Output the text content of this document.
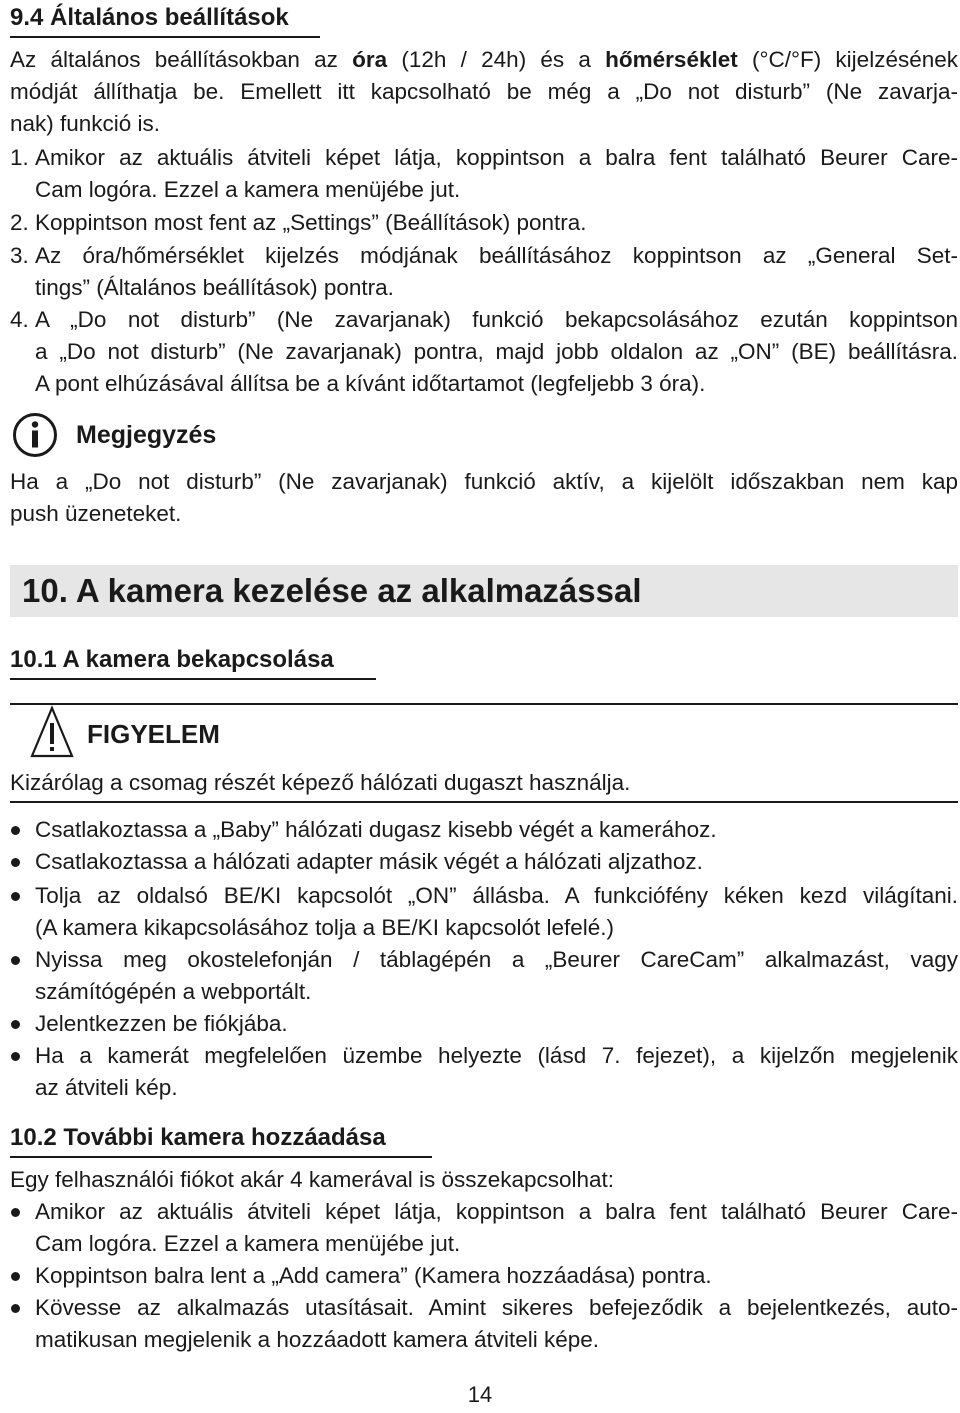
9.4 Általános beállítások
Az általános beállításokban az óra (12h / 24h) és a hőmérséklet (°C/°F) kijelzésének
módját állíthatja be. Emellett itt kapcsolható be még a „Do not disturb” (Ne zavarja-
nak) funkció is.
1. Amikor az aktuális átviteli képet látja, koppintson a balra fent található Beurer Care-
Cam logóra. Ezzel a kamera menüjébe jut.
2. Koppintson most fent az „Settings” (Beállítások) pontra.
3. Az óra/hőmérséklet kijelzés módjának beállításához koppintson az „General Set-
tings” (Általános beállítások) pontra.
4. A „Do not disturb” (Ne zavarjanak) funkció bekapcsolásához ezután koppintson
a „Do not disturb” (Ne zavarjanak) pontra, majd jobb oldalon az „ON” (BE) beállításra.
A pont elhúzásával állítsa be a kívánt időtartamot (legfeljebb 3 óra).
Megjegyzés
Ha a „Do not disturb” (Ne zavarjanak) funkció aktív, a kijelölt időszakban nem kap
push üzeneteket.
10. A kamera kezelése az alkalmazással
10.1 A kamera bekapcsolása
FIGYELEM
Kizárólag a csomag részét képező hálózati dugaszt használja.
Csatlakoztassa a „Baby” hálózati dugasz kisebb végét a kamerához.
Csatlakoztassa a hálózati adapter másik végét a hálózati aljzathoz.
Tolja az oldalsó BE/KI kapcsolót „ON” állásba. A funkciófény kéken kezd világítani.
(A kamera kikapcsolásához tolja a BE/KI kapcsolót lefelé.)
Nyissa meg okostelefonján / táblagépén a „Beurer CareCam” alkalmazást, vagy
számítógépén a webportált.
Jelentkezzen be fiókjába.
Ha a kamerát megfelelően üzembe helyezte (lásd 7. fejezet), a kijelzőn megjelenik
az átviteli kép.
10.2 További kamera hozzáadása
Egy felhasználói fiókot akár 4 kamerával is összekapcsolhat:
Amikor az aktuális átviteli képet látja, koppintson a balra fent található Beurer Care-
Cam logóra. Ezzel a kamera menüjébe jut.
Koppintson balra lent a „Add camera” (Kamera hozzáadása) pontra.
Kövesse az alkalmazás utasításait. Amint sikeres befejeződik a bejelentkezés, auto-
matikusan megjelenik a hozzáadott kamera átviteli képe.
14
